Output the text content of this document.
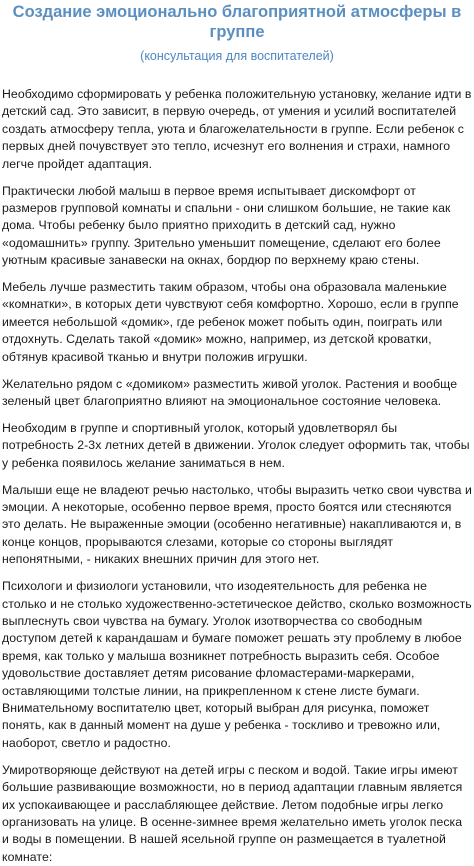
Создание эмоционально благоприятной атмосферы в группе
(консультация для воспитателей)

Необходимо сформировать у ребенка положительную установку, желание идти в детский сад. Это зависит, в первую очередь, от умения и усилий воспитателей создать атмосферу тепла, уюта и благожелательности в группе. Если ребенок с первых дней почувствует это тепло, исчезнут его волнения и страхи, намного легче пройдет адаптация.

Практически любой малыш в первое время испытывает дискомфорт от размеров групповой комнаты и спальни - они слишком большие, не такие как дома. Чтобы ребенку было приятно приходить в детский сад, нужно «одомашнить» группу. Зрительно уменьшит помещение, сделают его более уютным красивые занавески на окнах, бордюр по верхнему краю стены.

Мебель лучше разместить таким образом, чтобы она образовала маленькие «комнатки», в которых дети чувствуют себя комфортно. Хорошо, если в группе имеется небольшой «домик», где ребенок может побыть один, поиграть или отдохнуть. Сделать такой «домик» можно, например, из детской кроватки, обтянув красивой тканью и внутри положив игрушки.

Желательно рядом с «домиком» разместить живой уголок. Растения и вообще зеленый цвет благоприятно влияют на эмоциональное состояние человека.

Необходим в группе и спортивный уголок, который удовлетворял бы потребность 2-3х летних детей в движении. Уголок следует оформить так, чтобы у ребенка появилось желание заниматься в нем.

Малыши еще не владеют речью настолько, чтобы выразить четко свои чувства и эмоции. А некоторые, особенно первое время, просто боятся или стесняются это делать. Не выраженные эмоции (особенно негативные) накапливаются и, в конце концов, прорываются слезами, которые со стороны выглядят непонятными, - никаких внешних причин для этого нет.

Психологи и физиологи установили, что изодеятельность для ребенка не столько и не столько художественно-эстетическое действо, сколько возможность выплеснуть свои чувства на бумагу. Уголок изотворчества со свободным доступом детей к карандашам и бумаге поможет решать эту проблему в любое время, как только у малыша возникнет потребность выразить себя. Особое удовольствие доставляет детям рисование фломастерами-маркерами, оставляющими толстые линии, на прикрепленном к стене листе бумаги. Внимательному воспитателю цвет, который выбран для рисунка, поможет понять, как в данный момент на душе у ребенка - тоскливо и тревожно или, наоборот, светло и радостно.

Умиротворяюще действуют на детей игры с песком и водой. Такие игры имеют большие развивающие возможности, но в период адаптации главным является их успокаивающее и расслабляющее действие. Летом подобные игры легко организовать на улице. В осенне-зимнее время желательно иметь уголок песка и воды в помещении. В нашей ясельной группе он размещается в туалетной комнате:
